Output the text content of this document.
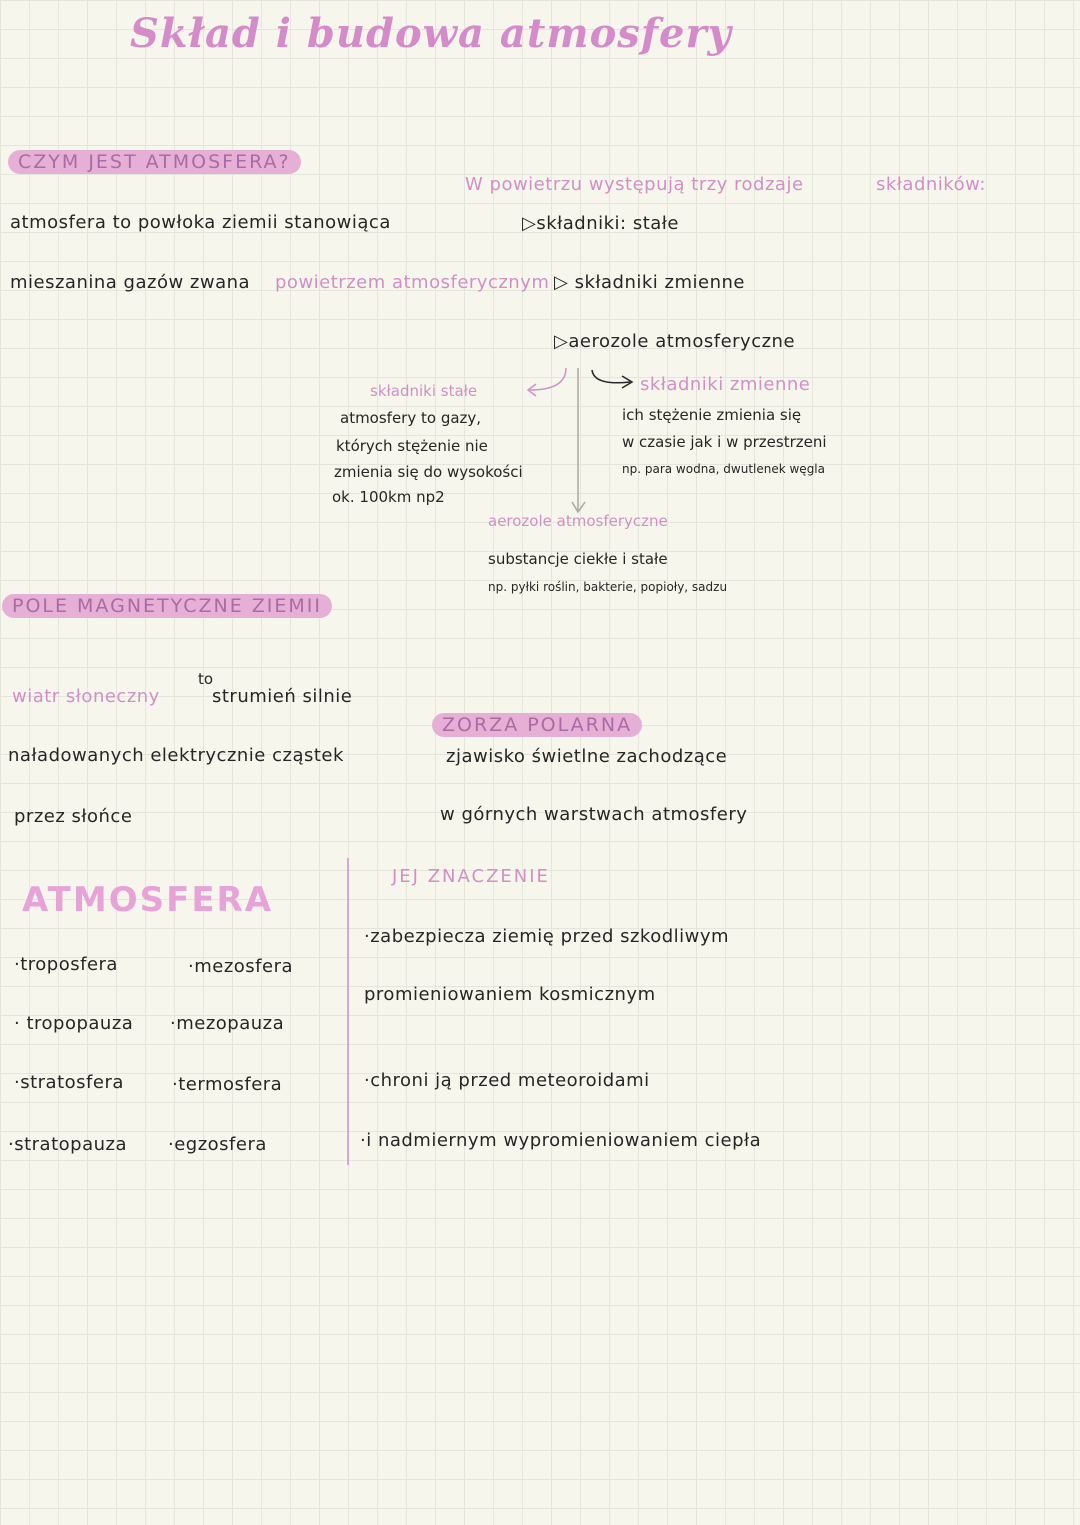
Skład i budowa atmosfery
CZYM JEST ATMOSFERA?
atmosfera to powłoka ziemii stanowiąca
mieszanina gazów zwana powietrzem atmosferycznym
W powietrzu występują trzy rodzaje	składników:
▷składniki: stałe
▷ składniki zmienne
▷aerozole atmosferyczne
składniki stałe
atmosfery to gazy,
których stężenie nie
zmienia się do wysokości
ok. 100km np2
składniki zmienne
ich stężenie zmienia się
w czasie jak i w przestrzeni
np. para wodna, dwutlenek węgla
aerozole atmosferyczne
substancje ciekłe i stałe
np. pyłki roślin, bakterie, popioły, sadzu
POLE MAGNETYCZNE ZIEMII
to
wiatr słoneczny	strumień silnie
naładowanych elektrycznie cząstek
przez słońce
ZORZA POLARNA
zjawisko świetlne zachodzące
w górnych warstwach atmosfery
ATMOSFERA
·troposfera
· tropopauza
·stratosfera
·stratopauza
·mezosfera
·mezopauza
·termosfera
·egzosfera
JEJ ZNACZENIE
·zabezpiecza ziemię przed szkodliwym
promieniowaniem kosmicznym
·chroni ją przed meteoroidami
·i nadmiernym wypromieniowaniem ciepła
